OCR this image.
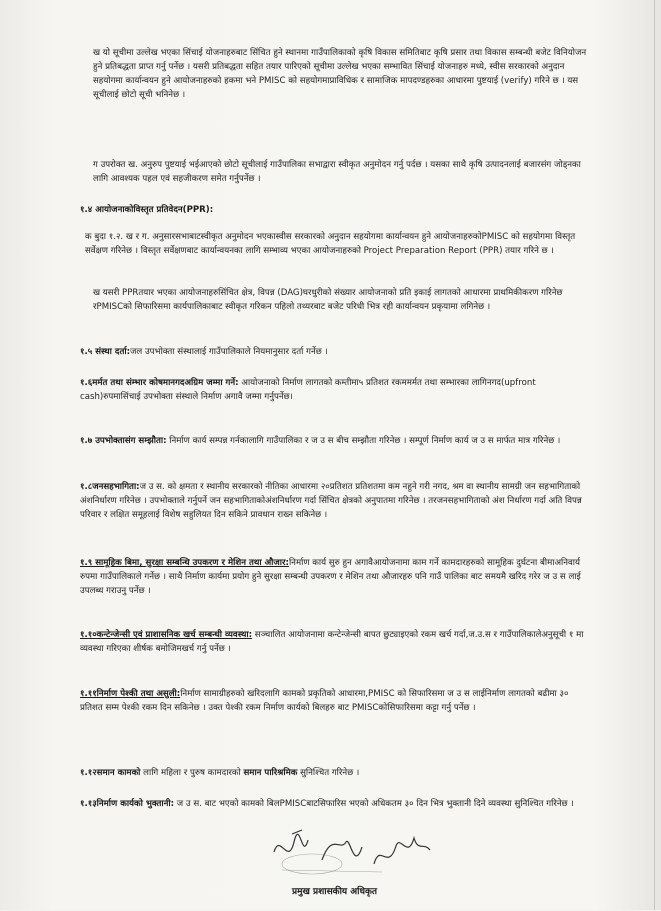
ख यो सूचीमा उल्लेख भएका सिंचाई योजनाहरुबाट सिंचित हुने स्थानमा गाउँपालिकाको कृषि विकास समितिबाट कृषि प्रसार तथा विकास सम्बन्धी बजेट विनियोजन हुने प्रतिबद्धता प्राप्त गर्नु पर्नेछ । यसरी प्रतिबद्धता सहित तयार पारिएको सूचीमा उल्लेख भएका सम्भावित सिंचाई योजनाहरु मध्ये, स्वीस सरकारको अनुदान सहयोगमा कार्यान्वयन हुने आयोजनाहरुको हकमा भने PMISC को सहयोगमाप्राविधिक र सामाजिक मापदण्डहरुका आधारमा पुष्टयाई (verify) गरिने छ । यस सूचीलाई छोटो सूची भनिनेछ ।
ग उपरोक्त ख. अनुरुप पुष्टयाई भईआएको छोटो सूचीलाई गाउँपालिका सभाद्वारा स्वीकृत अनुमोदन गर्नु पर्दछ । यसका साथै कृषि उत्पादनलाई बजारसंग जोड्नका लागि आवश्यक पहल एवं सहजीकरण समेत गर्नुपर्नेछ ।
१.४ आयोजनाकोविस्तृत प्रतिवेदन(PPR):
क बुदा १.२. ख र ग. अनुसारसभाबाटस्वीकृत अनुमोदन भएकास्वीस सरकारको अनुदान सहयोगमा कार्यान्वयन हुने आयोजनाहरुकोPMISC को सहयोगमा विस्तृत सर्वेक्षण गरिनेछ । विस्तृत सर्वेक्षणबाट कार्यान्वयनका लागि सम्भाव्य भएका आयोजनाहरुको Project Preparation Report (PPR) तयार गरिने छ ।
ख यसरी PPRतयार भएका आयोजनाहरुसिंचित क्षेत्र, विपन्न (DAG)घरधुरीको संख्यार आयोजनाको प्रति इकाई लागतको आधारमा प्राथमिकीकरण गरिनेछ रPMISCको सिफारिसमा कार्यपालिकाबाट स्वीकृत गरिकन पहिलो तथ्यरबाट बजेट परिधी भित्र रही कार्यान्वयन प्रकृयामा लगिनेछ ।
१.५ संस्था दर्ता:जल उपभोक्ता संस्थालाई गाउँपालिकाले नियमानुसार दर्ता गर्नेछ ।
१.६मर्मत तथा संम्भार कोषमानगदअग्रिम जम्मा गर्ने: आयोजनाको निर्माण लागतको कम्तीमा५ प्रतिशत रकममर्मत तथा सम्भारका लागिनगद(upfront cash)रुपमासिंचाई उपभोक्ता संस्थाले निर्माण अगावै जम्मा गर्नुपर्नेछ।
१.७ उपभोक्तासंग सम्झौता: निर्माण कार्य सम्पन्न गर्नकालागि गाउँपालिका र ज उ स बीच सम्झौता गरिनेछ । सम्पूर्ण निर्माण कार्य ज उ स मार्फत मात्र गरिनेछ ।
१.८जनसहभागिता:ज उ स. को क्षमता र स्थानीय सरकारको नीतिका आधारमा २०प्रतिशत प्रतिशतमा कम नहुने गरी नगद, श्रम वा स्थानीय सामग्री जन सहभागिताको अंशनिर्धारण गरिनेछ । उपभोक्ताले गर्नुपर्ने जन सहभागिताकोअंशनिर्धारण गर्दा सिंचित क्षेत्रको अनुपातमा गरिनेछ । तरजनसहभागिताको अंश निर्धारण गर्दा अति विपन्न परिवार र लक्षित समूहलाई विशेष सहुलियत दिन सकिने प्रावधान राख्न सकिनेछ ।
१.९ सामूहिक बिमा, सुरक्षा सम्बन्धि उपकरण र मेशिन तथा औजार:निर्माण कार्य सुरु हुन अगावैआयोजनामा काम गर्ने कामदारहरुको सामूहिक दुर्घटना बीमाअनिवार्य रुपमा गाउँपालिकाले गर्नेछ । साथै निर्माण कार्यमा प्रयोग हुने सुरक्षा सम्बन्धी उपकरण र मेशिन तथा औजारहरु पनि गाउँ पालिका बाट समयमै खरिद गरेर ज उ स लाई उपलब्ध गराउनु पर्नेछ ।
१.१०कन्टेन्जेन्सी एवं प्राशासनिक खर्च सम्बन्धी व्यवस्था: सञ्चालित आयोजनामा कन्टेन्जेन्सी बापत छुट्याइएको रकम खर्च गर्दा,ज.उ.स र गाउँपालिकालेअनुसूची १ मा व्यवस्था गरिएका शीर्षक बमोजिमखर्च गर्नु पर्नेछ ।
१.११निर्माण पेश्की तथा असुली:निर्माण सामाग्रीहरुको खरिदलागि कामको प्रकृतिको आधारमा,PMISC को सिफारिसमा ज उ स लाईनिर्माण लागतको बढीमा ३० प्रतिशत सम्म पेश्की रकम दिन सकिनेछ । उक्त पेश्की रकम निर्माण कार्यको बिलहरु बाट PMISCकोसिफारिसमा कट्टा गर्नु पर्नेछ ।
१.१२समान कामको लागि महिला र पुरुष कामदारको समान पारिश्रमिक सुनिश्चित गरिनेछ ।
१.१३निर्माण कार्यको भुक्तानी: ज उ स. बाट भएको कामको बिलPMISCबाटसिफारिस भएको अधिकतम ३० दिन भित्र भुक्तानी दिने व्यवस्था सुनिश्चित गरिनेछ ।
प्रमुख प्रशासकीय अधिकृत
